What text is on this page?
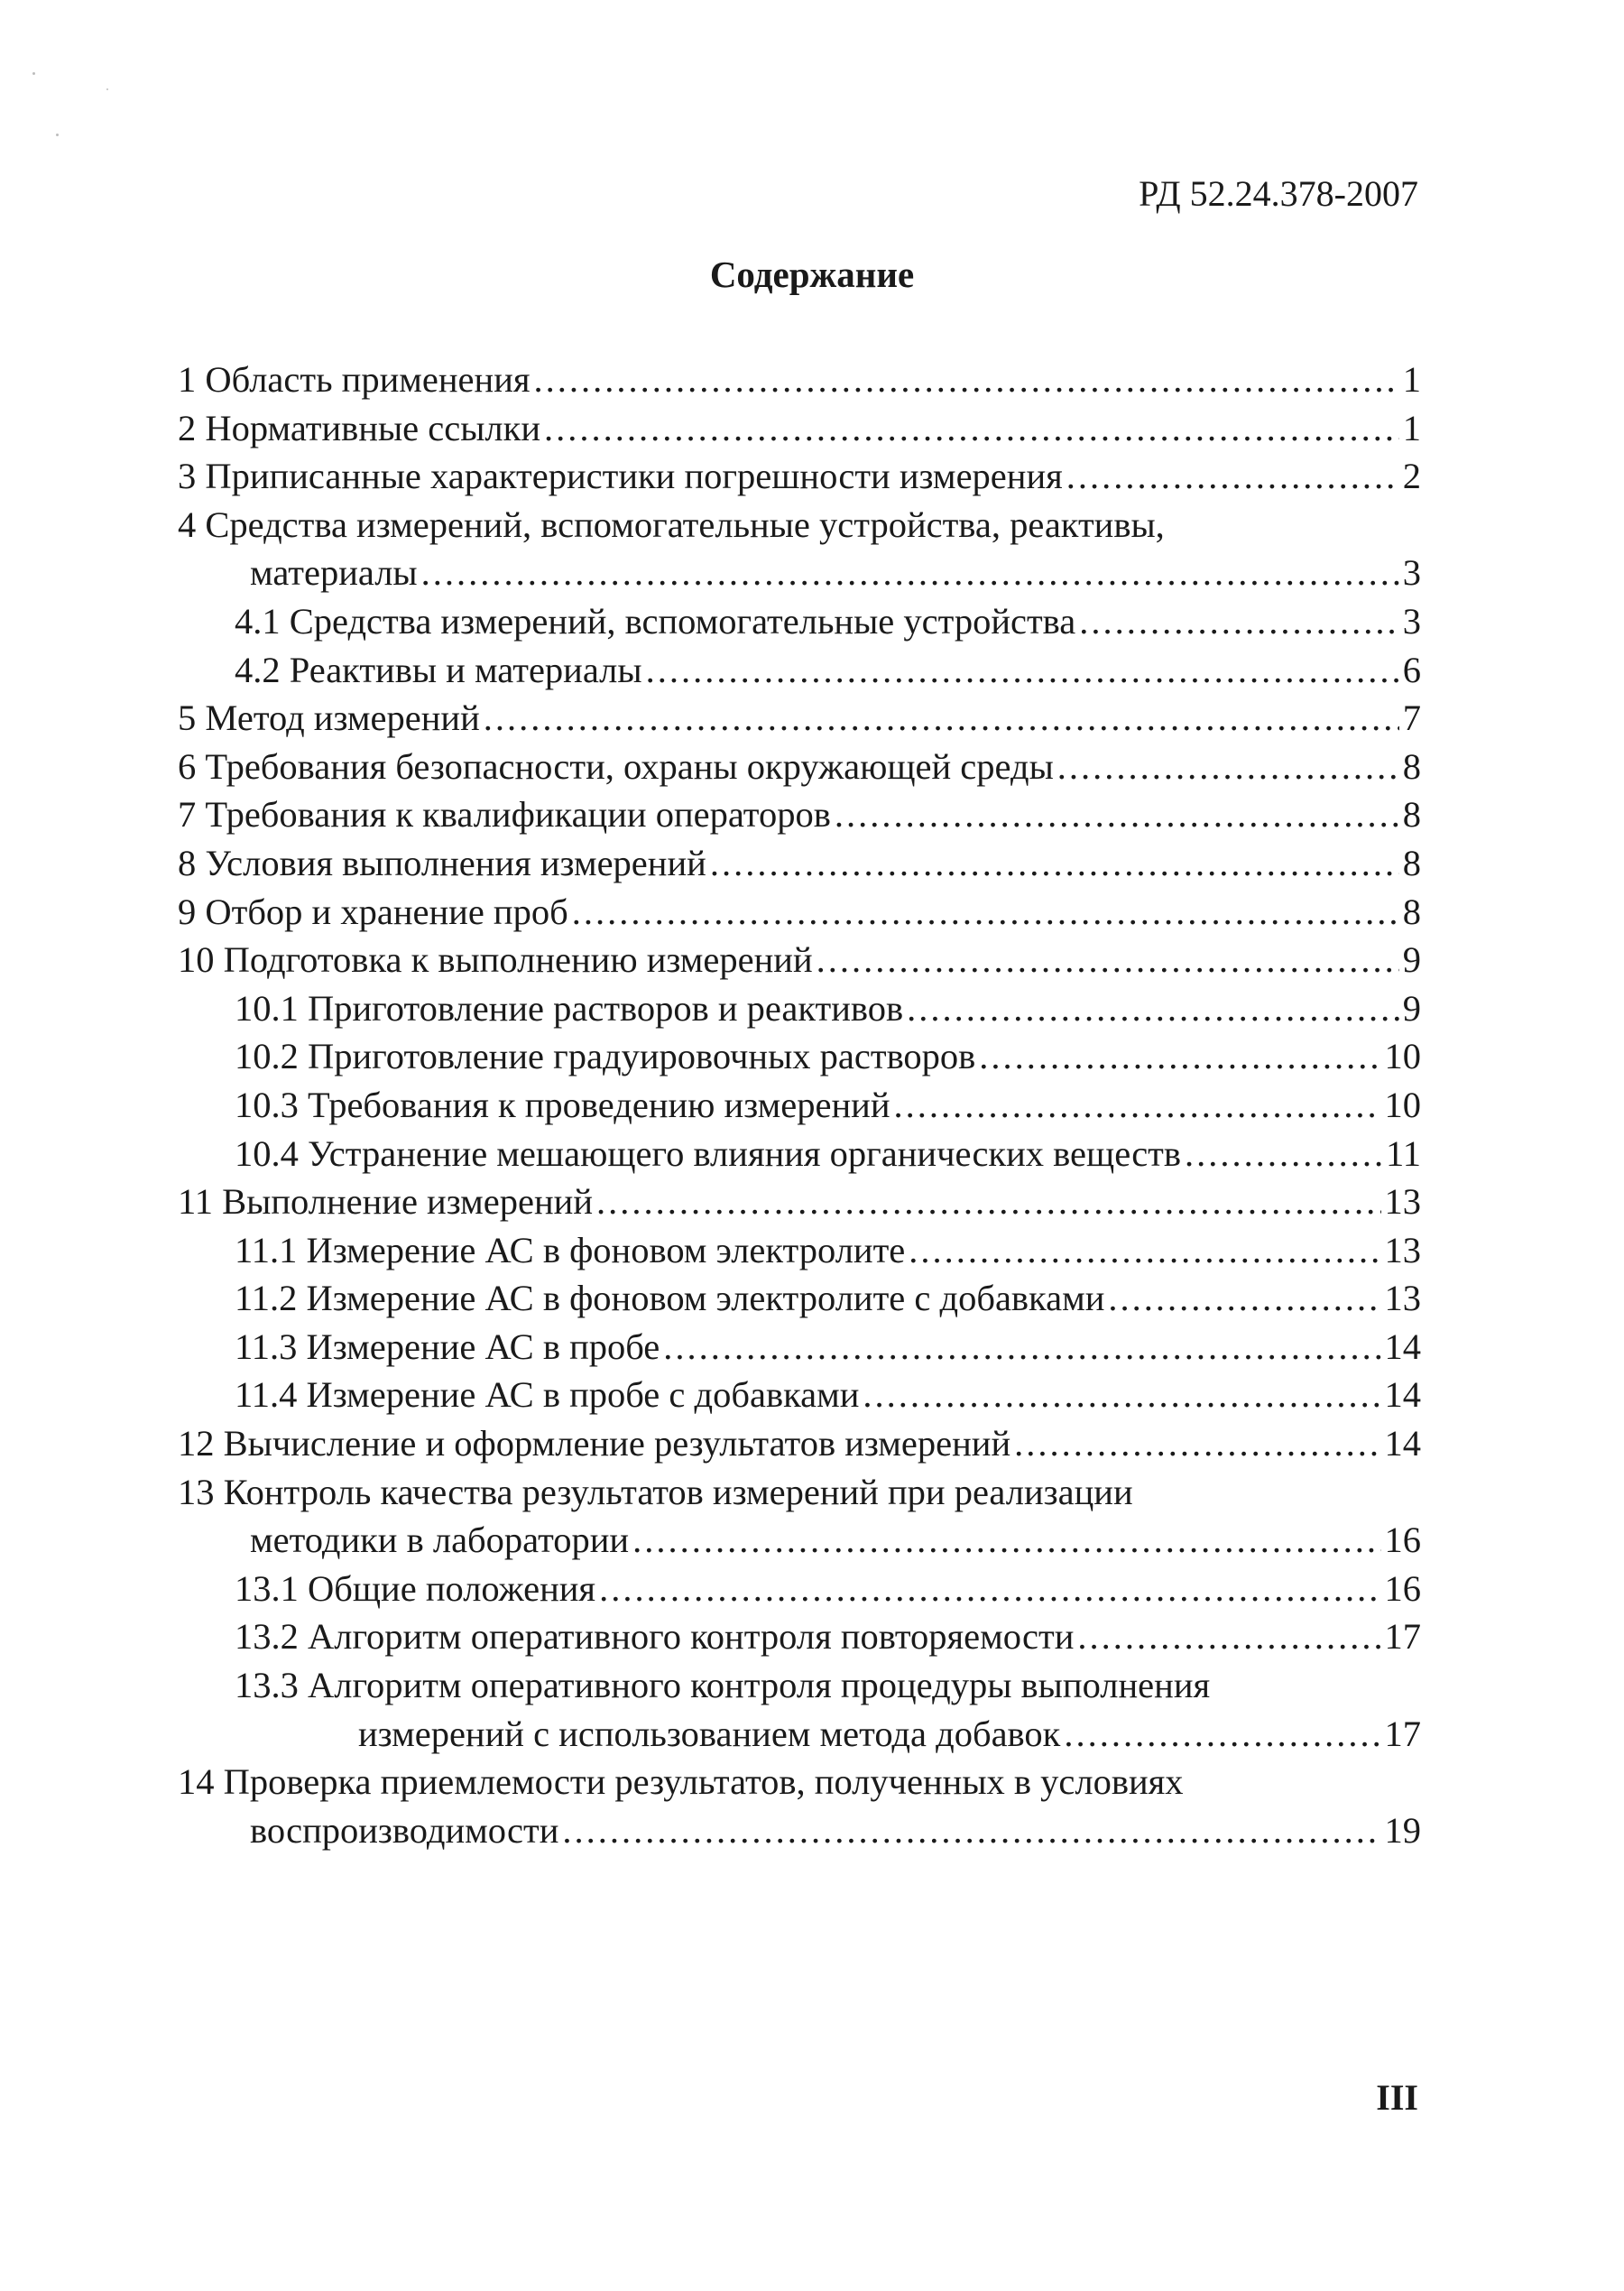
РД 52.24.378-2007
Содержание
1 Область применения .....	1
2 Нормативные ссылки .....	1
3 Приписанные характеристики погрешности измерения .....	2
4 Средства измерений, вспомогательные устройства, реактивы,
материалы .....	3
4.1 Средства измерений, вспомогательные устройства .....	3
4.2 Реактивы и материалы .....	6
5 Метод измерений .....	7
6 Требования безопасности, охраны окружающей среды .....	8
7 Требования к квалификации операторов .....	8
8 Условия выполнения измерений .....	8
9 Отбор и хранение проб .....	8
10 Подготовка к выполнению измерений .....	9
10.1 Приготовление растворов и реактивов .....	9
10.2 Приготовление градуировочных растворов .....	10
10.3 Требования к проведению измерений .....	10
10.4 Устранение мешающего влияния органических веществ .....	11
11 Выполнение измерений .....	13
11.1 Измерение АС в фоновом электролите .....	13
11.2 Измерение АС в фоновом электролите с добавками .....	13
11.3 Измерение АС в пробе .....	14
11.4 Измерение АС в пробе с добавками .....	14
12 Вычисление и оформление результатов измерений .....	14
13 Контроль качества результатов измерений при реализации
методики в лаборатории .....	16
13.1 Общие положения .....	16
13.2 Алгоритм оперативного контроля повторяемости .....	17
13.3 Алгоритм оперативного контроля процедуры выполнения
измерений с использованием метода добавок .....	17
14 Проверка приемлемости результатов, полученных в условиях
воспроизводимости .....	19
III
